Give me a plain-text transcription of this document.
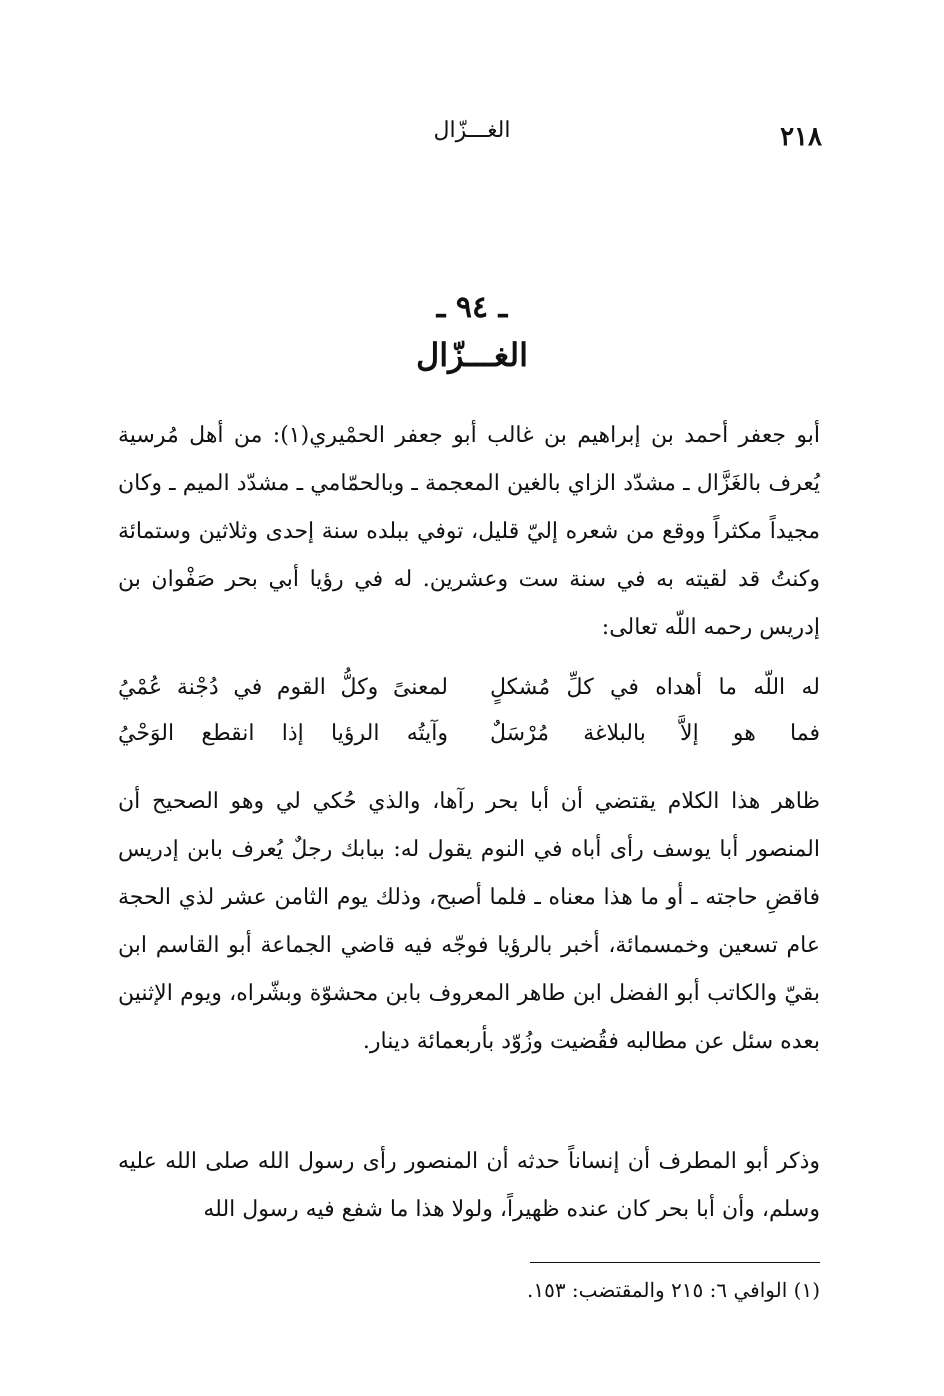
٢١٨
الغـــزّال
ـ ٩٤ ـ
الغـــزّال

أبو جعفر أحمد بن إبراهيم بن غالب أبو جعفر الحمْيري(١): من أهل مُرسية يُعرف بالغَزَّال ـ مشدّد الزاي بالغين المعجمة ـ وبالحمّامي ـ مشدّد الميم ـ وكان مجيداً مكثراً ووقع من شعره إليّ قليل، توفي ببلده سنة إحدى وثلاثين وستمائة وكنتُ قد لقيته به في سنة ست وعشرين. له في رؤيا أبي بحر صَفْوان بن إدريس رحمه اللّه تعالى:

له اللّه ما أهداه في كلِّ مُشكلٍ
لمعنىً وكلُّ القوم في دُجْنة عُمْيُ
فما هو إلاَّ بالبلاغة مُرْسَلٌ
وآيتُه الرؤيا إذا انقطع الوَحْيُ

ظاهر هذا الكلام يقتضي أن أبا بحر رآها، والذي حُكي لي وهو الصحيح أن المنصور أبا يوسف رأى أباه في النوم يقول له: ببابك رجلٌ يُعرف بابن إدريس فاقضِ حاجته ـ أو ما هذا معناه ـ فلما أصبح، وذلك يوم الثامن عشر لذي الحجة عام تسعين وخمسمائة، أخبر بالرؤيا فوجّه فيه قاضي الجماعة أبو القاسم ابن بقيّ والكاتب أبو الفضل ابن طاهر المعروف بابن محشوّة وبشّراه، ويوم الإثنين بعده سئل عن مطالبه فقُضيت وزُوّد بأربعمائة دينار.

وذكر أبو المطرف أن إنساناً حدثه أن المنصور رأى رسول الله صلى الله عليه وسلم، وأن أبا بحر كان عنده ظهيراً، ولولا هذا ما شفع فيه رسول الله

(١) الوافي ٦: ٢١٥ والمقتضب: ١٥٣.
